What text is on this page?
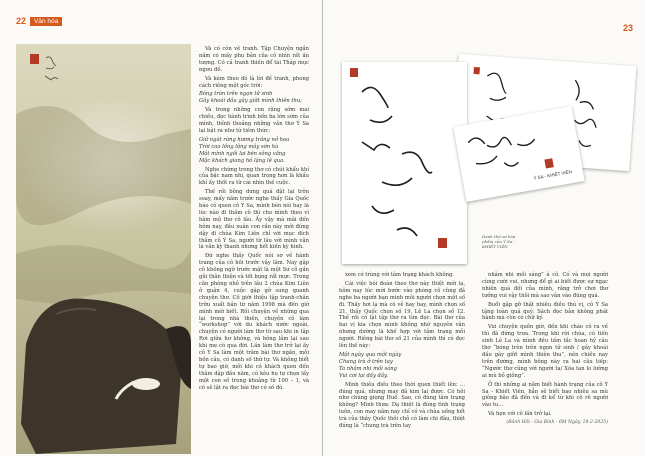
22	Văn hóa

Và có còn vẽ tranh. Tập Chuyện ngắn năm có mấy phụ bản của cô nhìn rất ấn tượng. Có cả tranh thiền để tài Tháp mục ngưu đồ.

Và kèm theo đó là lời đề tranh, phong cách riêng một góc trời:

Bóng tròn trên ngọn tử sinh

Gây khoái đầu gây giữt mình thiên thu;

Và trong những con rằng sớm mai chiều, đọc hành trình bốn ba lớn sớm của mình, thỉnh thoảng những vần thơ Ý Sa lại bật ra như từ tiềm thức:

Giữ ngát rừng hương trắng nở hoa

Trời cao lồng lộng mây sớn hà

Một mình ngồi lại bên sông vắng

Mặc khách giang hồ lặng lẽ qua.

Nghe chừng trong thơ có chút khẩu khí của bậc nam nhi, quan trọng hơn là khẩu khí ấy thốt ra từ cái nhìn thế cuộc.

Thế rồi bỗng dưng quá đặt lại trôn soay, mấy năm trước nghe thấy Gia Quốc báo có quen cô Ý Sa, mình bèn nói hay là lúc nào đi thăm cô thì cho mình theo vì hâm mộ thơ cô lâu. Ấy vậy mà mãi đến hôm nay, đầu xuân con rắn này mới đứng dậy đi chùa Kim Liên chỉ với mục đích thăm cô Ý Sa, người từ lâu với mình vẫn là vẫn kỳ thanh nhưng hết kiến kỳ hình.

Đứ nghe thấy Quốc nói sơ về hành trang của cô hồi trước vậy lâm. Nay gặp cô không ngờ trước mặt là một Sư cô gần gũi thân thiện và tốt bụng rất mực. Trong căn phòng nhỏ trên lầu 2 chùa Kim Liên ở quận 4, cuộc gặp gỡ sung quanh chuyện thơ. Cô giới thiệu tập tranh-chân trữu xuất bản từ năm 1998 mà đến giờ mình mới biết. Rồi chuyện về những qua lại trong nhà thiền, chuyện cô làm “workshop” với du khách nước ngoài, chuyện có người làm thơ từ sau khi in tập Rơi giữa hư không, và bông lâm lại sau khi mẹ có qua đời. Lần làm thơ trở lại ấy cô Ý Sa làm một trăm bài thơ ngắn, mỗi bốn câu, có danh số thứ tự. Và không biết tự bao giờ, mỗi khi có khách quen đến thăm dặp đầu năm, có kêu họ tự chọn lấy một con số trong khoảng từ 100 – 1, và có sẽ lật ra đọc bài thơ có số đó.

23
Ý SA - KHIẾT VIÊN
Danh thủ sư hòa phẩm của Ý Sa - KHIẾT VIÊN

xem có trùng với tâm trạng khách không.

Cái việc bói đoán theo thơ này thiệt mới lạ, hôm nay lúc mới bước vào phòng cô cũng đã nghe ba người bạn mình mỗi người chọn một số đi. Thấy hơi lạ mà có vẻ hay hay, mình chọn số 21, thầy Quốc chọn số 19, Lê La chọn số 12. Thế rồi có lật tập thơ ra tìm đọc. Bài thơ của hai vị kia chọn mình không nhớ nguyên văn nhưng dường là khế hợp với tâm trạng mỗi người. Riêng bài thơ số 21 của mình thì có đọc lên thế này:

Một ngày qua một ngày

Chung trà ở trên tay

Ta nhâm nhi mồi sáng

Vui cơi lại đầy đầy.

Mình thiêu điều theo thời quen thiết lên: ... đúng quá, nhưng may đã kim lại được. Có hôi như chùng giọng Huế. Sao, có đúng tâm trạng không? Mình thưa: Dạ thiệt là đúng tình trạng luôn, con may năm nay chỉ có và chùa uống hết trà của thầy Quốc thôi chỗ có làm chi đâu, thiệt đúng là “chung trà trên tay

nhâm nhi mồi sáng” à cô. Có và mọi người cùng cười vui, nhưng để gì ai biết được sự ngạc nhiên quá đối của mình, rằng trở chơi thơ tưởng vui vậy thôi mà sao vận vào đúng quá.

Buổi gặp gỡ thật nhiều điều thú vị, cô Ý Sa tặng toàn quá quý: Sách đọc bản không phát hành mà còn có chữ ký.

Vui chuyện quên giờ, đến khi chào cô ra về thì đã đứng trưa. Trong khi rời chùa, có tiến sinh Lê La và mình đều tấm tắc hoan hỷ câu thơ “bóng tròn trên ngọn tử sinh / gây khoái đầu gây giữt mình thiên thu”, nên chiều nay trên đường, mình bông này ra hai câu tiếp: “Ngước thơ cũng với người ta/ Xóa tan lo lường ai mù bỏ giông”.

Ở thì những ai năm biết hành trạng của cô Ý Sa - Khiết Viên, hẳn sẽ biết bao nhiêu sa mù giông bão đã đến và đi kể từ khi cô rẽ người vào tu...

Và hẹn với cô lần trở lại.

(Bảnh Hồi - Gia Bình - 6M Ngày, 18-2-2025)
